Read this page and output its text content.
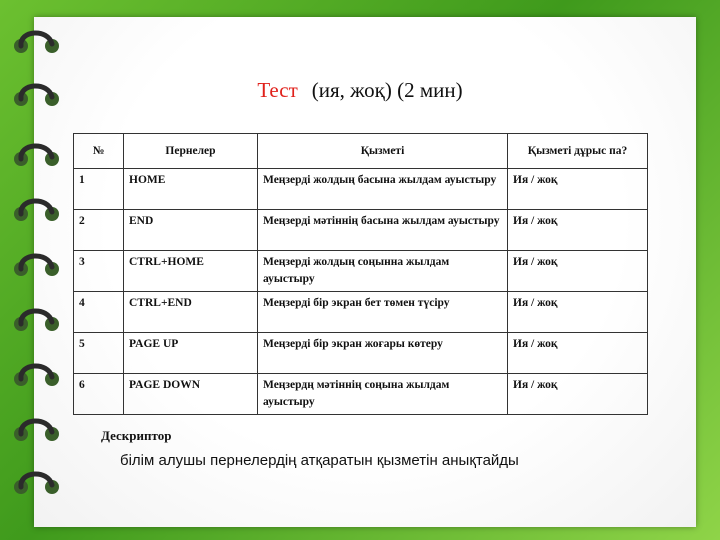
Тест (ия, жоқ) (2 мин)
№	Пернелер	Қызметі	Қызметі дұрыс па?
1	HOME	Меңзерді жолдың басына жылдам ауыстыру	Ия / жоқ
2	END	Меңзерді мәтіннің басына жылдам ауыстыру	Ия / жоқ
3	CTRL+HOME	Меңзерді жолдың соңынна жылдам ауыстыру	Ия / жоқ
4	CTRL+END	Меңзерді бір экран бет төмен түсіру	Ия / жоқ
5	PAGE UP	Меңзерді бір экран жоғары көтеру	Ия / жоқ
6	PAGE DOWN	Меңзердң мәтіннің соңына жылдам ауыстыру	Ия / жоқ
Дескриптор
білім алушы пернелердің атқаратын қызметін анықтайды
